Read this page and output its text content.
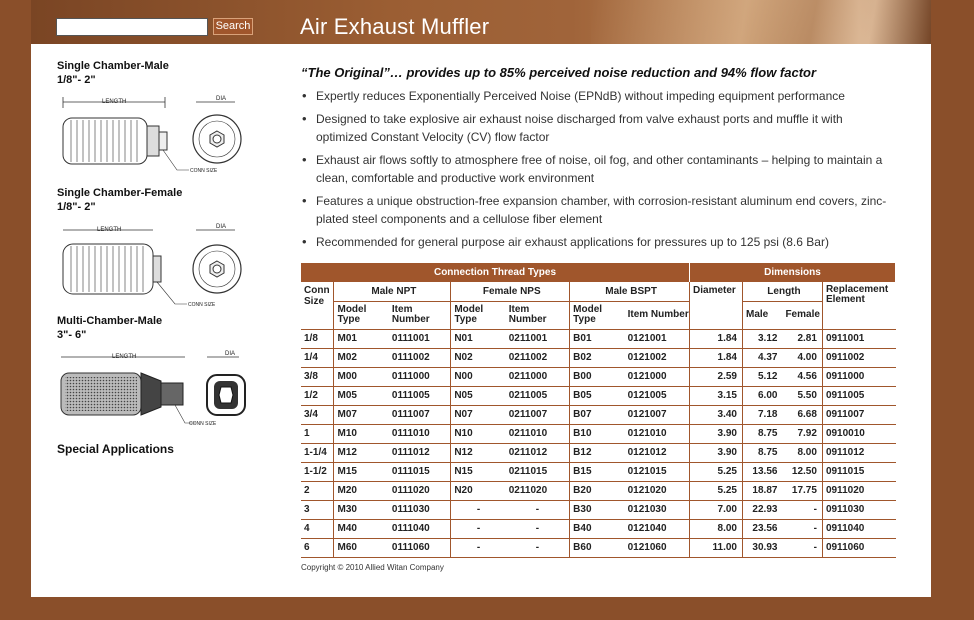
Search Air Exhaust Muffler
Single Chamber-Male
1/8"- 2"
LENGTH
CONN SIZE
DIA
Single Chamber-Female
1/8"- 2"
LENGTH
CONN SIZE
DIA
Multi-Chamber-Male
3"- 6"
LENGTH
CONN SIZE
DIA
Special Applications
“The Original”… provides up to 85% perceived noise reduction and 94% flow factor
• Expertly reduces Exponentially Perceived Noise (EPNdB) without impeding equipment performance
• Designed to take explosive air exhaust noise discharged from valve exhaust ports and muffle it with optimized Constant Velocity (CV) flow factor
• Exhaust air flows softly to atmosphere free of noise, oil fog, and other contaminants – helping to maintain a clean, comfortable and productive work environment
• Features a unique obstruction-free expansion chamber, with corrosion-resistant aluminum end covers, zinc-plated steel components and a cellulose fiber element
• Recommended for general purpose air exhaust applications for pressures up to 125 psi (8.6 Bar)
Connection Thread Types							Dimensions			
Conn Size	Male NPT		Female NPS		Male BSPT		Diameter	Length		Replacement Element
	Model Type	Item Number	Model Type	Item Number	Model Type	Item Number		Male	Female	
1/8	M01	0111001	N01	0211001	B01	0121001	1.84	3.12	2.81	0911001
1/4	M02	0111002	N02	0211002	B02	0121002	1.84	4.37	4.00	0911002
3/8	M00	0111000	N00	0211000	B00	0121000	2.59	5.12	4.56	0911000
1/2	M05	0111005	N05	0211005	B05	0121005	3.15	6.00	5.50	0911005
3/4	M07	0111007	N07	0211007	B07	0121007	3.40	7.18	6.68	0911007
1	M10	0111010	N10	0211010	B10	0121010	3.90	8.75	7.92	0910010
1-1/4	M12	0111012	N12	0211012	B12	0121012	3.90	8.75	8.00	0911012
1-1/2	M15	0111015	N15	0211015	B15	0121015	5.25	13.56	12.50	0911015
2	M20	0111020	N20	0211020	B20	0121020	5.25	18.87	17.75	0911020
3	M30	0111030	-	-	B30	0121030	7.00	22.93	-	0911030
4	M40	0111040	-	-	B40	0121040	8.00	23.56	-	0911040
6	M60	0111060	-	-	B60	0121060	11.00	30.93	-	0911060
Copyright © 2010 Allied Witan Company
